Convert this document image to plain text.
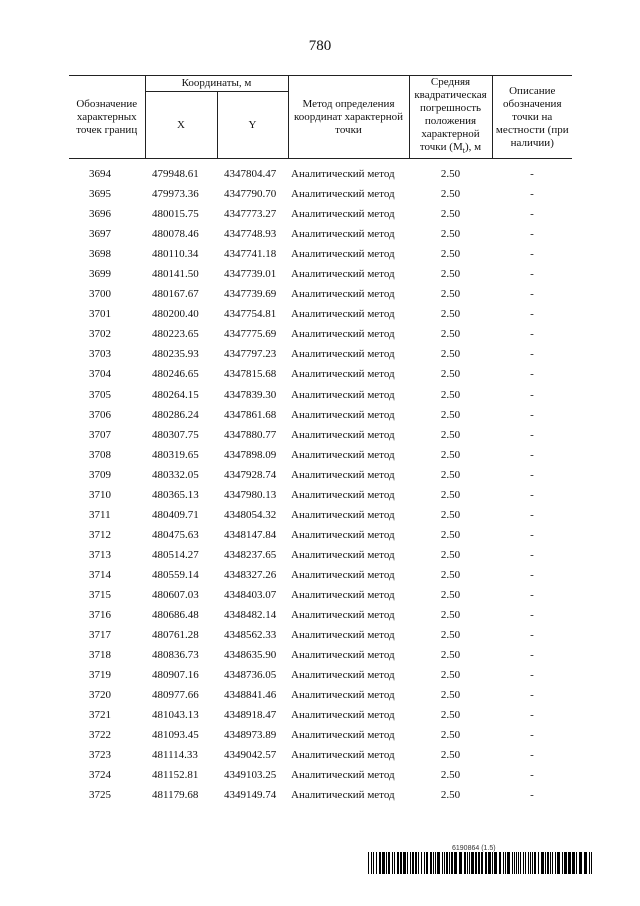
780
Обозначение характерных точек границ	Координаты, м		Метод определения координат характерной точки	Средняя квадратическая погрешность положения характерной точки $(M_t)$, м	Описание обозначения точки на местности (при наличии)
	X	Y			

3694	479948.61	4347804.47	Аналитический метод	2.50	-
3695	479973.36	4347790.70	Аналитический метод	2.50	-
3696	480015.75	4347773.27	Аналитический метод	2.50	-
3697	480078.46	4347748.93	Аналитический метод	2.50	-
3698	480110.34	4347741.18	Аналитический метод	2.50	-
3699	480141.50	4347739.01	Аналитический метод	2.50	-
3700	480167.67	4347739.69	Аналитический метод	2.50	-
3701	480200.40	4347754.81	Аналитический метод	2.50	-
3702	480223.65	4347775.69	Аналитический метод	2.50	-
3703	480235.93	4347797.23	Аналитический метод	2.50	-
3704	480246.65	4347815.68	Аналитический метод	2.50	-
3705	480264.15	4347839.30	Аналитический метод	2.50	-
3706	480286.24	4347861.68	Аналитический метод	2.50	-
3707	480307.75	4347880.77	Аналитический метод	2.50	-
3708	480319.65	4347898.09	Аналитический метод	2.50	-
3709	480332.05	4347928.74	Аналитический метод	2.50	-
3710	480365.13	4347980.13	Аналитический метод	2.50	-
3711	480409.71	4348054.32	Аналитический метод	2.50	-
3712	480475.63	4348147.84	Аналитический метод	2.50	-
3713	480514.27	4348237.65	Аналитический метод	2.50	-
3714	480559.14	4348327.26	Аналитический метод	2.50	-
3715	480607.03	4348403.07	Аналитический метод	2.50	-
3716	480686.48	4348482.14	Аналитический метод	2.50	-
3717	480761.28	4348562.33	Аналитический метод	2.50	-
3718	480836.73	4348635.90	Аналитический метод	2.50	-
3719	480907.16	4348736.05	Аналитический метод	2.50	-
3720	480977.66	4348841.46	Аналитический метод	2.50	-
3721	481043.13	4348918.47	Аналитический метод	2.50	-
3722	481093.45	4348973.89	Аналитический метод	2.50	-
3723	481114.33	4349042.57	Аналитический метод	2.50	-
3724	481152.81	4349103.25	Аналитический метод	2.50	-
3725	481179.68	4349149.74	Аналитический метод	2.50	-
6190864 (1.5)
